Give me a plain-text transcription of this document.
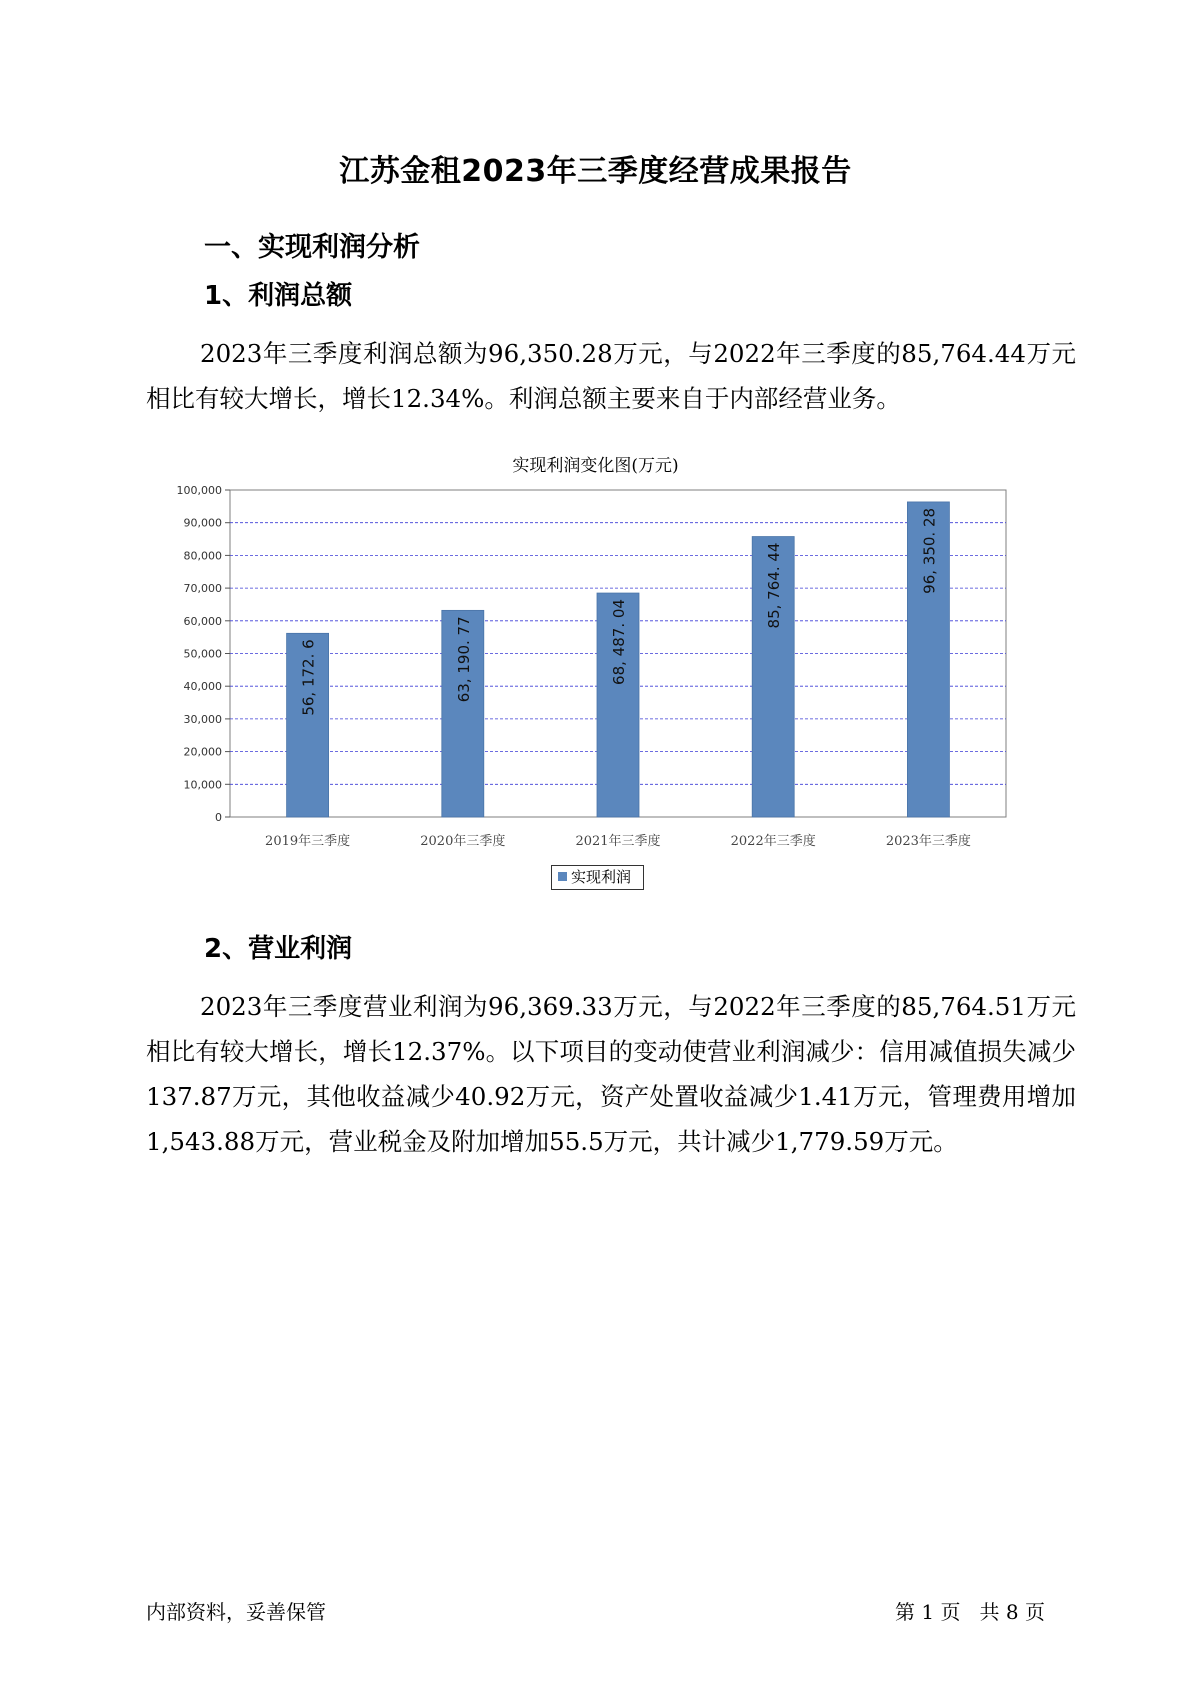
江苏金租2023年三季度经营成果报告
一、实现利润分析
1、利润总额
2023年三季度利润总额为96,350.28万元，与2022年三季度的85,764.44万元相比有较大增长，增长12.34%。利润总额主要来自于内部经营业务。
实现利润变化图(万元)
0
10,000
20,000
30,000
40,000
50,000
60,000
70,000
80,000
90,000
100,000
56, 172. 6
2019年三季度
63, 190. 77
2020年三季度
68, 487. 04
2021年三季度
85, 764. 44
2022年三季度
96, 350. 28
2023年三季度
实现利润
2、营业利润
2023年三季度营业利润为96,369.33万元，与2022年三季度的85,764.51万元相比有较大增长，增长12.37%。以下项目的变动使营业利润减少：信用减值损失减少137.87万元，其他收益减少40.92万元，资产处置收益减少1.41万元，管理费用增加1,543.88万元，营业税金及附加增加55.5万元，共计减少1,779.59万元。
内部资料，妥善保管	第 1 页   共 8 页
